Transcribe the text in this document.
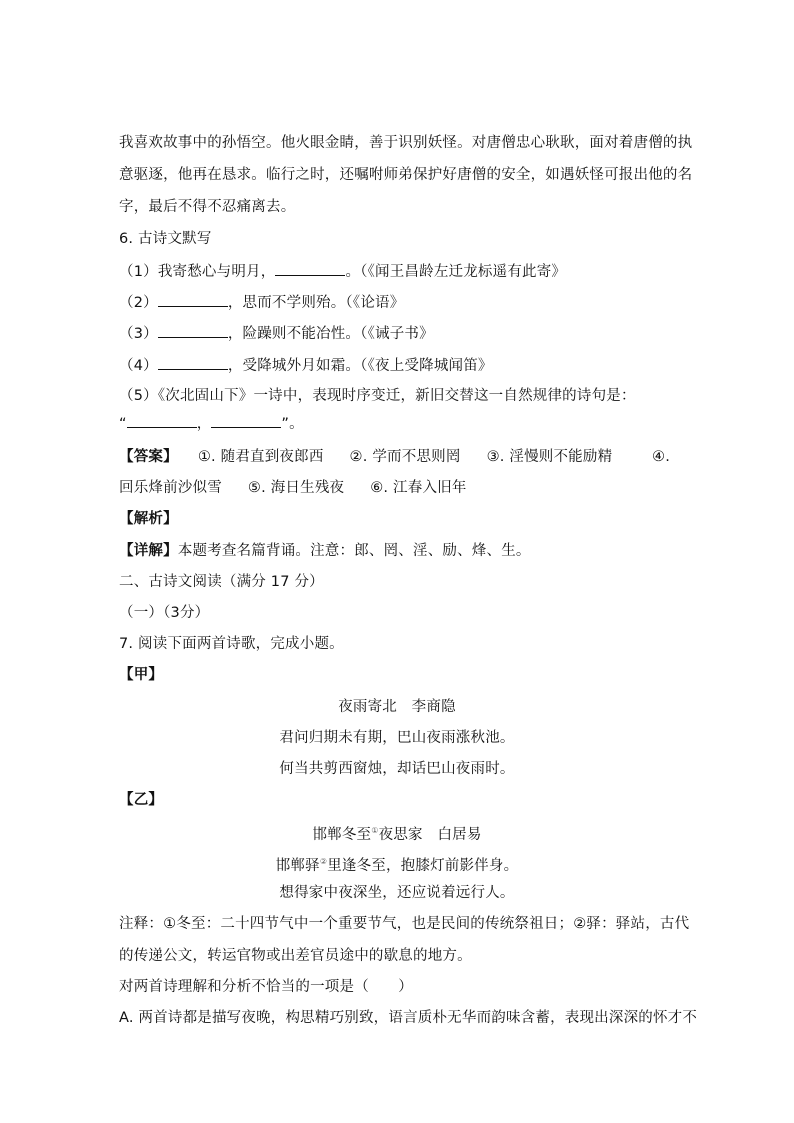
我喜欢故事中的孙悟空。他火眼金睛，善于识别妖怪。对唐僧忠心耿耿，面对着唐僧的执
意驱逐，他再在恳求。临行之时，还嘱咐师弟保护好唐僧的安全，如遇妖怪可报出他的名
字，最后不得不忍痛离去。
6. 古诗文默写
（1）我寄愁心与明月，	。（《闻王昌龄左迁龙标遥有此寄》
（2）	，思而不学则殆。（《论语》
（3）	，险躁则不能冶性。（《诫子书》
（4）	，受降城外月如霜。（《夜上受降城闻笛》
（5）《次北固山下》一诗中，表现时序变迁，新旧交替这一自然规律的诗句是：
“	，	”。
【答案】 ①. 随君直到夜郎西 ②. 学而不思则罔 ③. 淫慢则不能励精	④.
回乐烽前沙似雪 ⑤. 海日生残夜 ⑥. 江春入旧年
【解析】
【详解】本题考查名篇背诵。注意：郎、罔、淫、励、烽、生。
二、古诗文阅读（满分 17 分）
（一）（3分）
7. 阅读下面两首诗歌，完成小题。
【甲】
夜雨寄北　李商隐
君问归期未有期，巴山夜雨涨秋池。
何当共剪西窗烛，却话巴山夜雨时。
【乙】
邯郸冬至①夜思家　白居易
邯郸驿②里逢冬至，抱膝灯前影伴身。
想得家中夜深坐，还应说着远行人。
注释：①冬至：二十四节气中一个重要节气，也是民间的传统祭祖日；②驿：驿站，古代
的传递公文，转运官物或出差官员途中的歇息的地方。
对两首诗理解和分析不恰当的一项是（　　）
A. 两首诗都是描写夜晚，构思精巧别致，语言质朴无华而韵味含蓄，表现出深深的怀才不
